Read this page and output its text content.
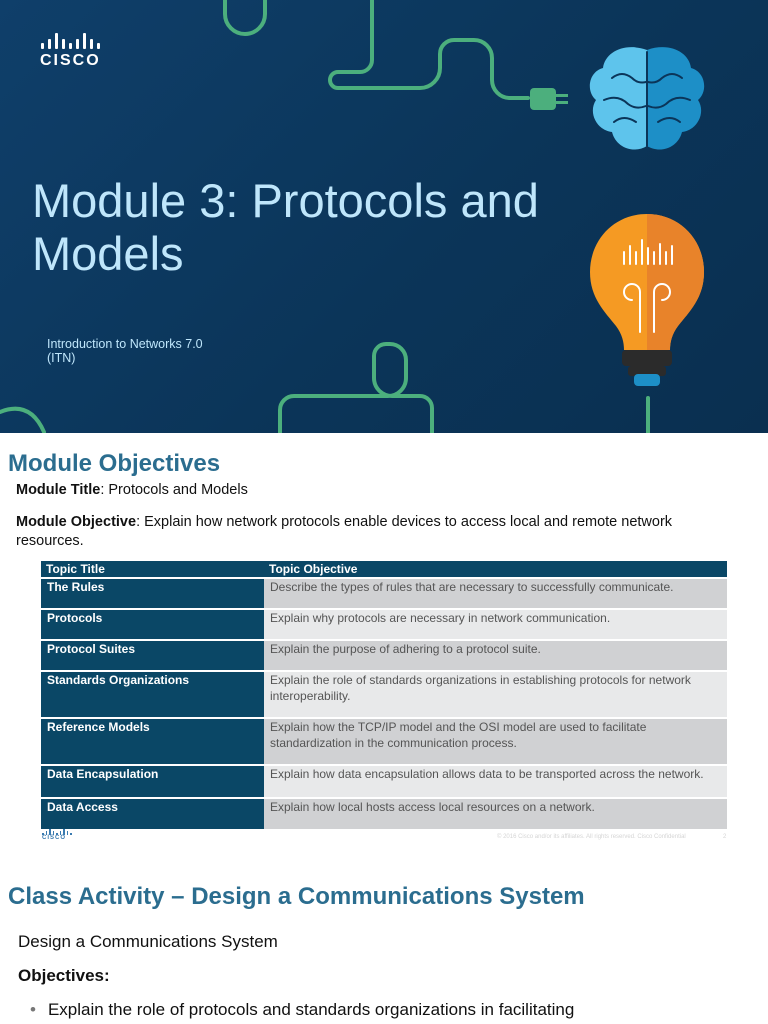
CISCO
Module 3: Protocols and
Models
Introduction to Networks 7.0
(ITN)
Module Objectives

Module Title: Protocols and Models

Module Objective: Explain how network protocols enable devices to access local and remote network resources.

Topic Title	Topic Objective
The Rules	Describe the types of rules that are necessary to successfully communicate.
Protocols	Explain why protocols are necessary in network communication.
Protocol Suites	Explain the purpose of adhering to a protocol suite.
Standards Organizations	Explain the role of standards organizations in establishing protocols for network interoperability.
Reference Models	Explain how the TCP/IP model and the OSI model are used to facilitate standardization in the communication process.
Data Encapsulation	Explain how data encapsulation allows data to be transported across the network.
Data Access	Explain how local hosts access local resources on a network.
CISCO	© 2016 Cisco and/or its affiliates. All rights reserved. Cisco Confidential	2
Class Activity – Design a Communications System
Design a Communications System
Objectives:
• Explain the role of protocols and standards organizations in facilitating
